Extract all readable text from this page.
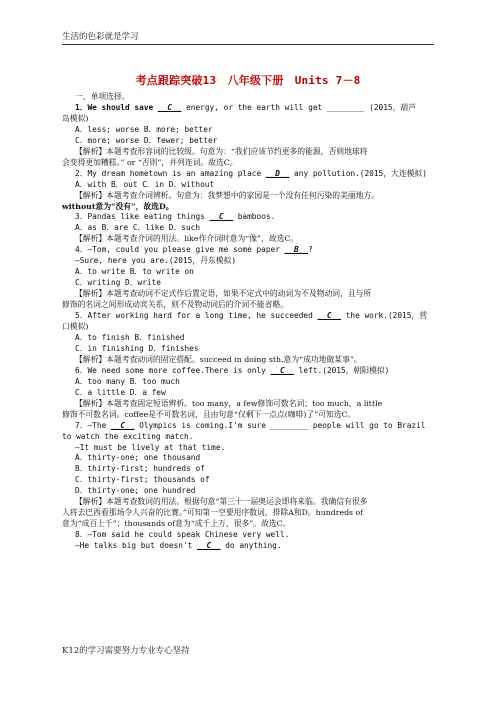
生活的色彩就是学习
考点跟踪突破13　八年级下册　Units 7－8
一、单项选择。
1．We should save __C__ energy, or the earth will get ________ (2015，葫芦
岛模拟)
A．less; worse B．more; better
C．more; worse D．fewer; better
【解析】本题考查形容词的比较级。句意为：“我们应该节约更多的能源，否则地球将
会变得更加糟糕。” or “否则”，并列连词。故选C。
2．My dream hometown is an amazing place __D__ any pollution.(2015，大连模拟)
A．with B．out C．in D．without
【解析】本题考查介词辨析。句意为：我梦想中的家园是一个没有任何污染的美丽地方。
without意为“没有”，故选D。
3．Pandas like eating things __C__ bamboos.
A．as B．are C．like D．such
【解析】本题考查介词的用法。like作介词时意为“像”，故选C。
4．—Tom, could you please give me some paper __B__?
—Sure, here you are.(2015，丹东模拟)
A．to write B．to write on
C．writing D．write
【解析】本题考查动词不定式作后置定语，如果不定式中的动词为不及物动词，且与所
修饰的名词之间形成动宾关系，则不及物动词后的介词不能省略。
5．After working hard for a long time, he succeeded __C__ the work.(2015，营
口模拟)
A．to finish B．finished
C．in finishing D．finishes
【解析】本题考查动词的固定搭配。succeed in doing sth.意为“成功地做某事”。
6．We need some more coffee.There is only __C__ left.(2015，朝阳模拟)
A．too many B．too much
C．a little D．a few
【解析】本题考查固定短语辨析。too many，a few修饰可数名词；too much，a little
修饰不可数名词。coffee是不可数名词，且由句意“仅剩下一点点(咖啡)了”可知选C。
7．—The __C__ Olympics is coming.I'm sure ________ people will go to Brazil
to watch the exciting match.
—It must be lively at that time.
A．thirty-one; one thousand
B．thirty-first; hundreds of
C．thirty-first; thousands of
D．thirty-one; one hundred
【解析】本题考查数词的用法。根据句意“第三十一届奥运会即将来临。我确信有很多
人将去巴西看那场令人兴奋的比赛。”可知第一空要用序数词，排除A和D。hundreds of
意为“成百上千”；thousands of意为“成千上万，很多”。故选C。
8．—Tom said he could speak Chinese very well.
—He talks big but doesn't __C__ do anything.
K12的学习需要努力专业专心坚持
